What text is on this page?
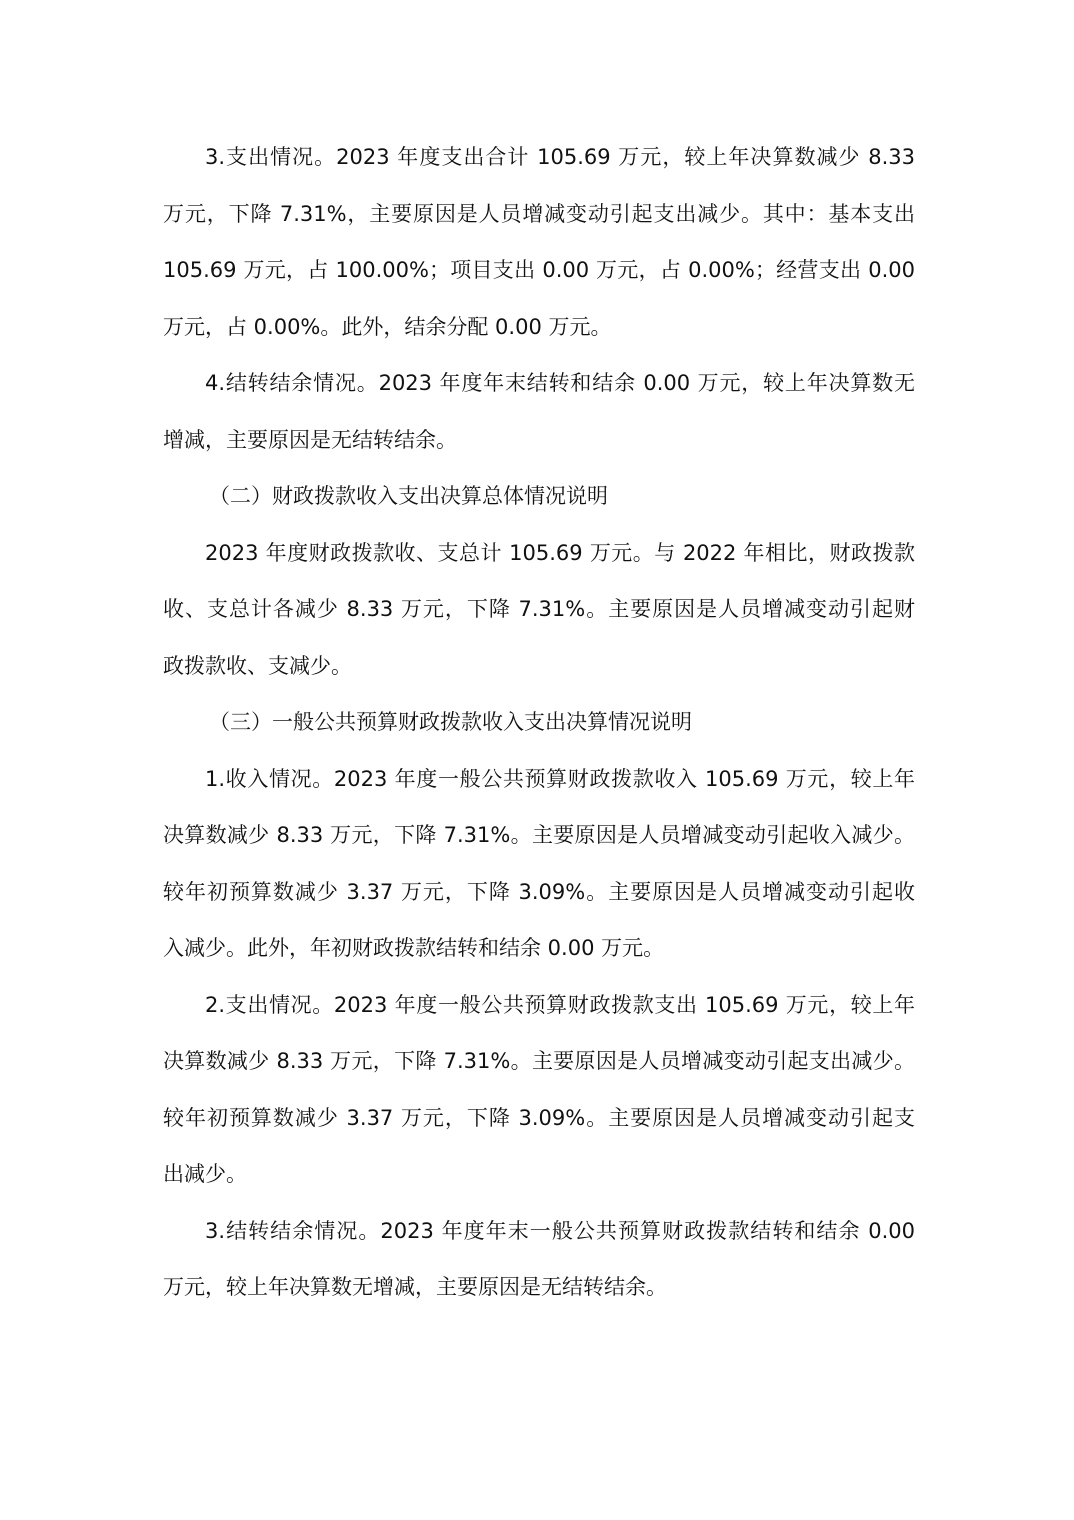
3.支出情况。2023 年度支出合计 105.69 万元，较上年决算数减少 8.33
万元，下降 7.31%，主要原因是人员增减变动引起支出减少。其中：基本支出
105.69 万元，占 100.00%；项目支出 0.00 万元，占 0.00%；经营支出 0.00
万元，占 0.00%。此外，结余分配 0.00 万元。
4.结转结余情况。2023 年度年末结转和结余 0.00 万元，较上年决算数无
增减，主要原因是无结转结余。
（二）财政拨款收入支出决算总体情况说明
2023 年度财政拨款收、支总计 105.69 万元。与 2022 年相比，财政拨款
收、支总计各减少 8.33 万元，下降 7.31%。主要原因是人员增减变动引起财
政拨款收、支减少。
（三）一般公共预算财政拨款收入支出决算情况说明
1.收入情况。2023 年度一般公共预算财政拨款收入 105.69 万元，较上年
决算数减少 8.33 万元，下降 7.31%。主要原因是人员增减变动引起收入减少。
较年初预算数减少 3.37 万元，下降 3.09%。主要原因是人员增减变动引起收
入减少。此外，年初财政拨款结转和结余 0.00 万元。
2.支出情况。2023 年度一般公共预算财政拨款支出 105.69 万元，较上年
决算数减少 8.33 万元，下降 7.31%。主要原因是人员增减变动引起支出减少。
较年初预算数减少 3.37 万元，下降 3.09%。主要原因是人员增减变动引起支
出减少。
3.结转结余情况。2023 年度年末一般公共预算财政拨款结转和结余 0.00
万元，较上年决算数无增减，主要原因是无结转结余。
